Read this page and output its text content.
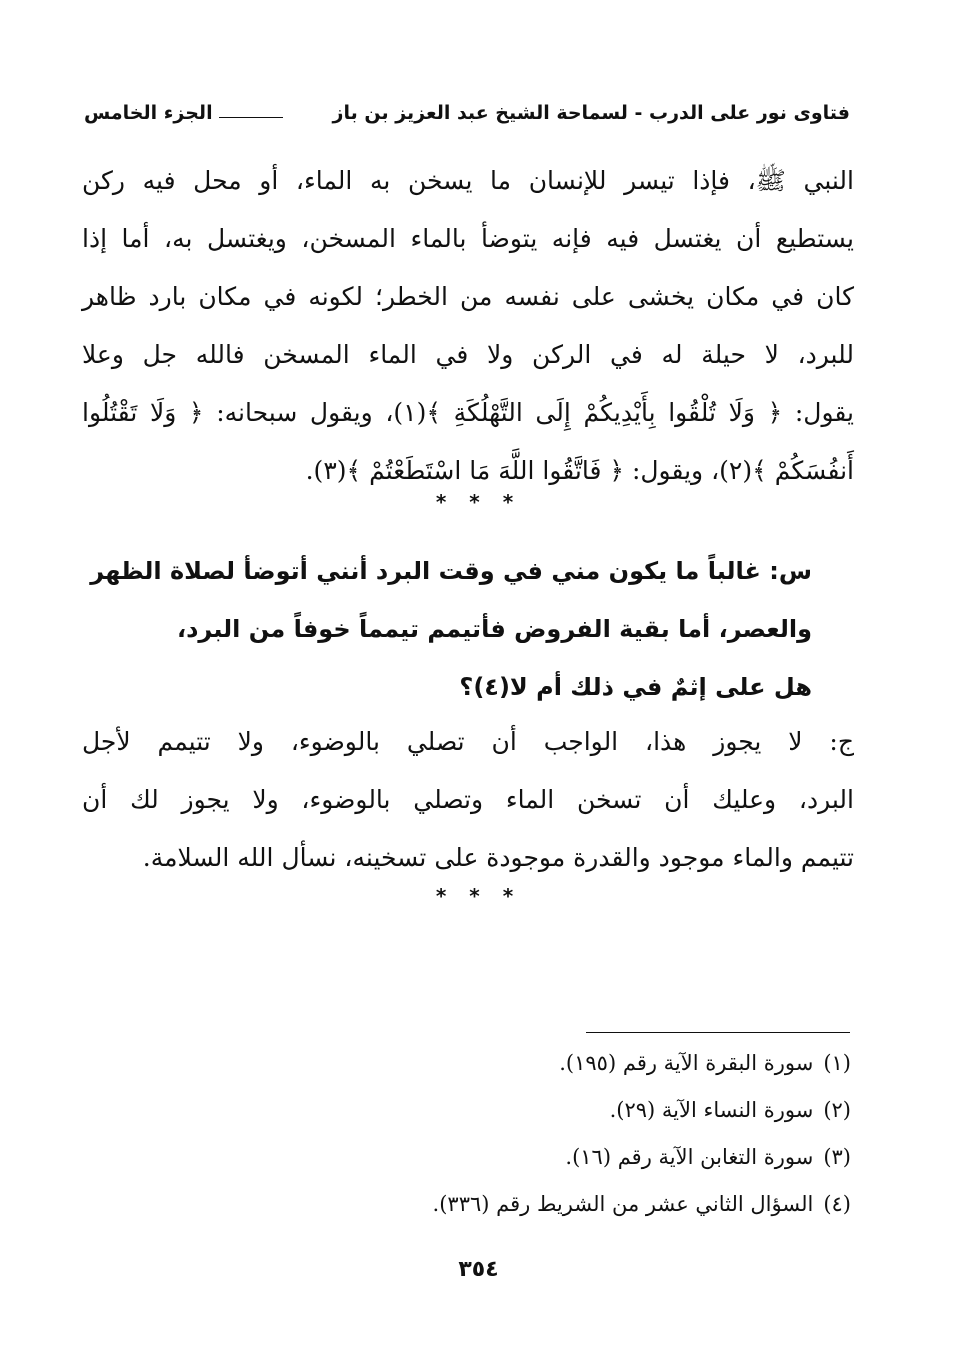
فتاوى نور على الدرب - لسماحة الشيخ عبد العزيز بن باز
الجزء الخامس
النبي ﷺ، فإذا تيسر للإنسان ما يسخن به الماء، أو محل فيه ركن
يستطيع أن يغتسل فيه فإنه يتوضأ بالماء المسخن، ويغتسل به، أما إذا
كان في مكان يخشى على نفسه من الخطر؛ لكونه في مكان بارد ظاهر
للبرد، لا حيلة له في الركن ولا في الماء المسخن فالله جل وعلا
يقول: ﴿ وَلَا تُلْقُوا بِأَيْدِيكُمْ إِلَى التَّهْلُكَةِ ﴾(١)، ويقول سبحانه: ﴿ وَلَا تَقْتُلُوا
أَنفُسَكُمْ ﴾(٢)، ويقول: ﴿ فَاتَّقُوا اللَّهَ مَا اسْتَطَعْتُمْ ﴾(٣).
* * *
س: غالباً ما يكون مني في وقت البرد أنني أتوضأ لصلاة الظهر
والعصر، أما بقية الفروض فأتيمم تيمماً خوفاً من البرد،
هل على إثمٌ في ذلك أم لا(٤)؟
ج: لا يجوز هذا، الواجب أن تصلي بالوضوء، ولا تتيمم لأجل
البرد، وعليك أن تسخن الماء وتصلي بالوضوء، ولا يجوز لك أن
تتيمم والماء موجود والقدرة موجودة على تسخينه، نسأل الله السلامة.
* * *
(١)سورة البقرة الآية رقم (١٩٥).
(٢)سورة النساء الآية (٢٩).
(٣)سورة التغابن الآية رقم (١٦).
(٤)السؤال الثاني عشر من الشريط رقم (٣٣٦).
٣٥٤
